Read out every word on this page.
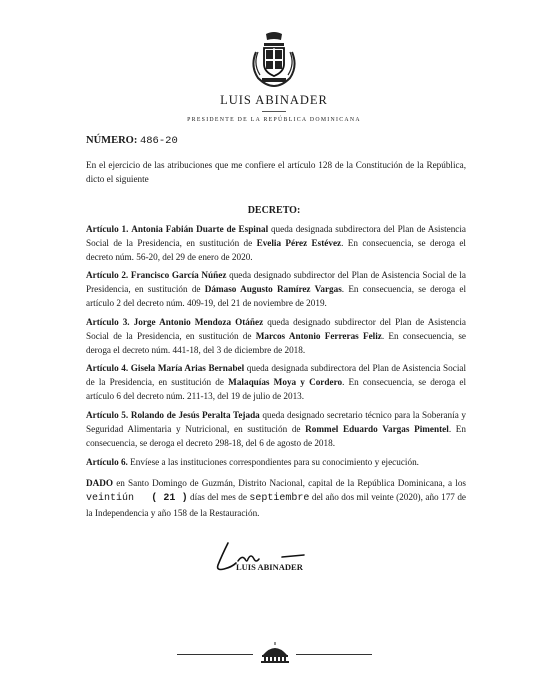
LUIS ABINADER
PRESIDENTE DE LA REPÚBLICA DOMINICANA
NÚMERO: 486-20
En el ejercicio de las atribuciones que me confiere el artículo 128 de la Constitución de la República, dicto el siguiente
DECRETO:
Artículo 1. Antonia Fabián Duarte de Espinal queda designada subdirectora del Plan de Asistencia Social de la Presidencia, en sustitución de Evelia Pérez Estévez. En consecuencia, se deroga el decreto núm. 56-20, del 29 de enero de 2020.
Artículo 2. Francisco García Núñez queda designado subdirector del Plan de Asistencia Social de la Presidencia, en sustitución de Dámaso Augusto Ramírez Vargas. En consecuencia, se deroga el artículo 2 del decreto núm. 409-19, del 21 de noviembre de 2019.
Artículo 3. Jorge Antonio Mendoza Otáñez queda designado subdirector del Plan de Asistencia Social de la Presidencia, en sustitución de Marcos Antonio Ferreras Feliz. En consecuencia, se deroga el decreto núm. 441-18, del 3 de diciembre de 2018.
Artículo 4. Gisela María Arias Bernabel queda designada subdirectora del Plan de Asistencia Social de la Presidencia, en sustitución de Malaquías Moya y Cordero. En consecuencia, se deroga el artículo 6 del decreto núm. 211-13, del 19 de julio de 2013.
Artículo 5. Rolando de Jesús Peralta Tejada queda designado secretario técnico para la Soberanía y Seguridad Alimentaria y Nutricional, en sustitución de Rommel Eduardo Vargas Pimentel. En consecuencia, se deroga el decreto 298-18, del 6 de agosto de 2018.
Artículo 6. Envíese a las instituciones correspondientes para su conocimiento y ejecución.
DADO en Santo Domingo de Guzmán, Distrito Nacional, capital de la República Dominicana, a los veintiún ( 21 ) días del mes de septiembre del año dos mil veinte (2020), año 177 de la Independencia y año 158 de la Restauración.
LUIS ABINADER
